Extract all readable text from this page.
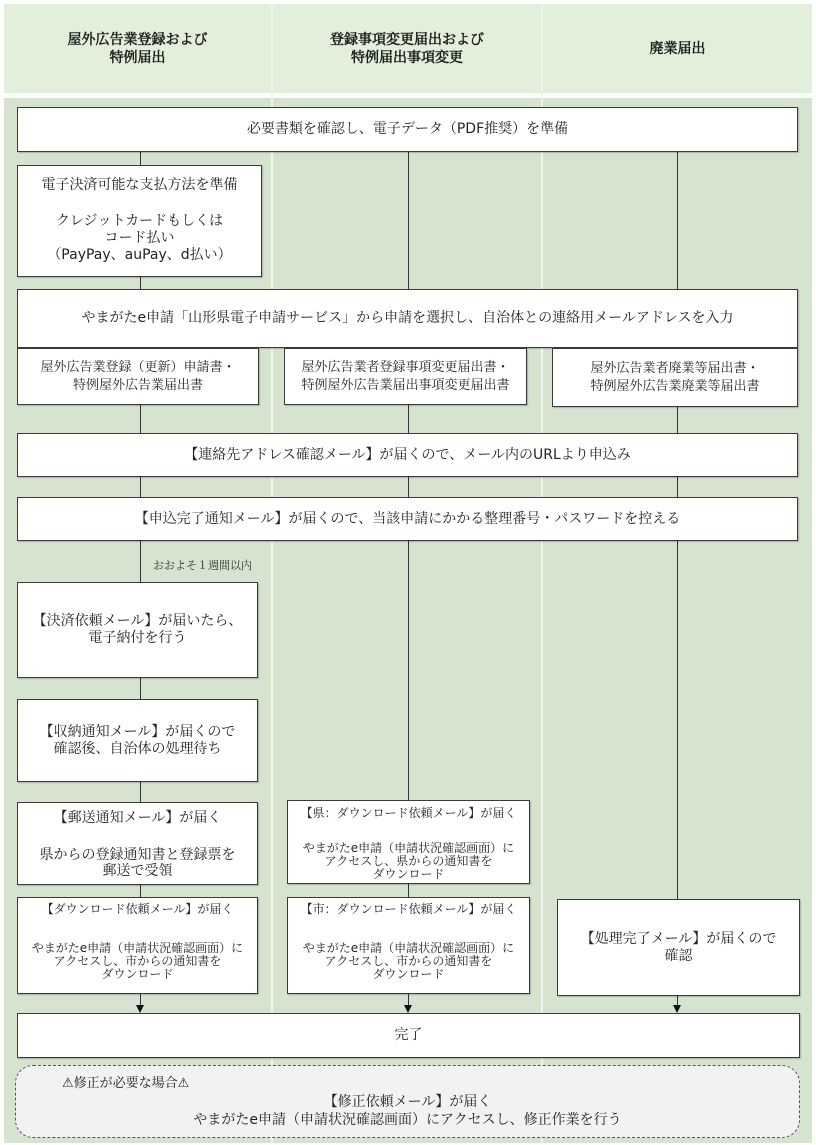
屋外広告業登録および
特例届出
登録事項変更届出および
特例届出事項変更
廃業届出
必要書類を確認し、電子データ（PDF推奨）を準備
電子決済可能な支払方法を準備
クレジットカードもしくは
コード払い
（PayPay、auPay、d払い）
やまがたe申請「山形県電子申請サービス」から申請を選択し、自治体との連絡用メールアドレスを入力
屋外広告業登録（更新）申請書・
特例屋外広告業届出書
屋外広告業者登録事項変更届出書・
特例屋外広告業届出事項変更届出書
屋外広告業者廃業等届出書・
特例屋外広告業廃業等届出書
【連絡先アドレス確認メール】が届くので、メール内のURLより申込み
【申込完了通知メール】が届くので、当該申請にかかる整理番号・パスワードを控える
おおよそ１週間以内
【決済依頼メール】が届いたら、
電子納付を行う
【収納通知メール】が届くので
確認後、自治体の処理待ち
【郵送通知メール】が届く
県からの登録通知書と登録票を
郵送で受領
【ダウンロード依頼メール】が届く
やまがたe申請（申請状況確認画面）に
アクセスし、市からの通知書を
ダウンロード
【県：ダウンロード依頼メール】が届く
やまがたe申請（申請状況確認画面）に
アクセスし、県からの通知書を
ダウンロード
【市：ダウンロード依頼メール】が届く
やまがたe申請（申請状況確認画面）に
アクセスし、市からの通知書を
ダウンロード
【処理完了メール】が届くので
確認
完了
⚠修正が必要な場合⚠
【修正依頼メール】が届く
やまがたe申請（申請状況確認画面）にアクセスし、修正作業を行う
